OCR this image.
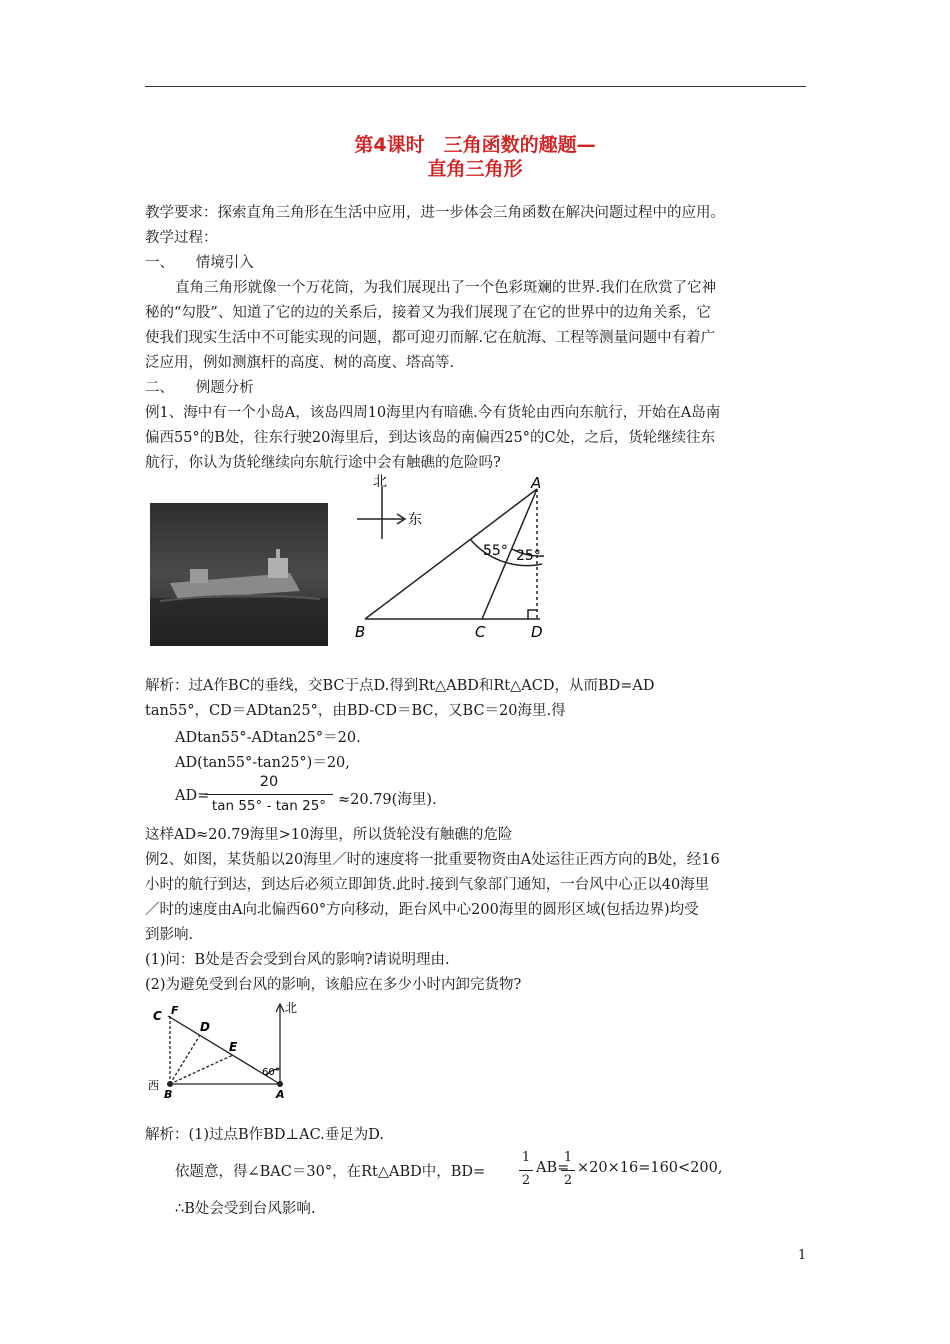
第4课时　三角函数的趣题—
直角三角形
教学要求：探索直角三角形在生活中应用，进一步体会三角函数在解决问题过程中的应用。
教学过程：
一、　　情境引入
直角三角形就像一个万花筒，为我们展现出了一个色彩斑斓的世界.我们在欣赏了它神
秘的“勾股”、知道了它的边的关系后，接着又为我们展现了在它的世界中的边角关系，它
使我们现实生活中不可能实现的问题，都可迎刃而解.它在航海、工程等测量问题中有着广
泛应用，例如测旗杆的高度、树的高度、塔高等.
二、　　例题分析
例1、海中有一个小岛A，该岛四周10海里内有暗礁.今有货轮由西向东航行，开始在A岛南
偏西55°的B处，往东行驶20海里后，到达该岛的南偏西25°的C处，之后，货轮继续往东
航行，你认为货轮继续向东航行途中会有触礁的危险吗?
北
东
A
B	C	D
55° 25°
解析：过A作BC的垂线，交BC于点D.得到Rt△ABD和Rt△ACD，从而BD=AD
tan55°，CD＝ADtan25°，由BD-CD＝BC，又BC＝20海里.得
ADtan55°-ADtan25°＝20.
AD(tan55°-tan25°)＝20,
AD=
20
tan 55° - tan 25° ≈20.79(海里).
这样AD≈20.79海里>10海里，所以货轮没有触礁的危险
例2、如图，某货船以20海里／时的速度将一批重要物资由A处运往正西方向的B处，经16
小时的航行到达，到达后必须立即卸货.此时.接到气象部门通知，一台风中心正以40海里
／时的速度由A向北偏西60°方向移动，距台风中心200海里的圆形区域(包括边界)均受
到影响.
(1)问：B处是否会受到台风的影响?请说明理由.
(2)为避免受到台风的影响，该船应在多少小时内卸完货物?
北
西
A
B
C F
D
E
60°
解析：(1)过点B作BD⊥AC.垂足为D.
依题意，得∠BAC＝30°，在Rt△ABD中，BD=
1
2
AB=
1
2
×20×16=160<200,
∴B处会受到台风影响.
1
